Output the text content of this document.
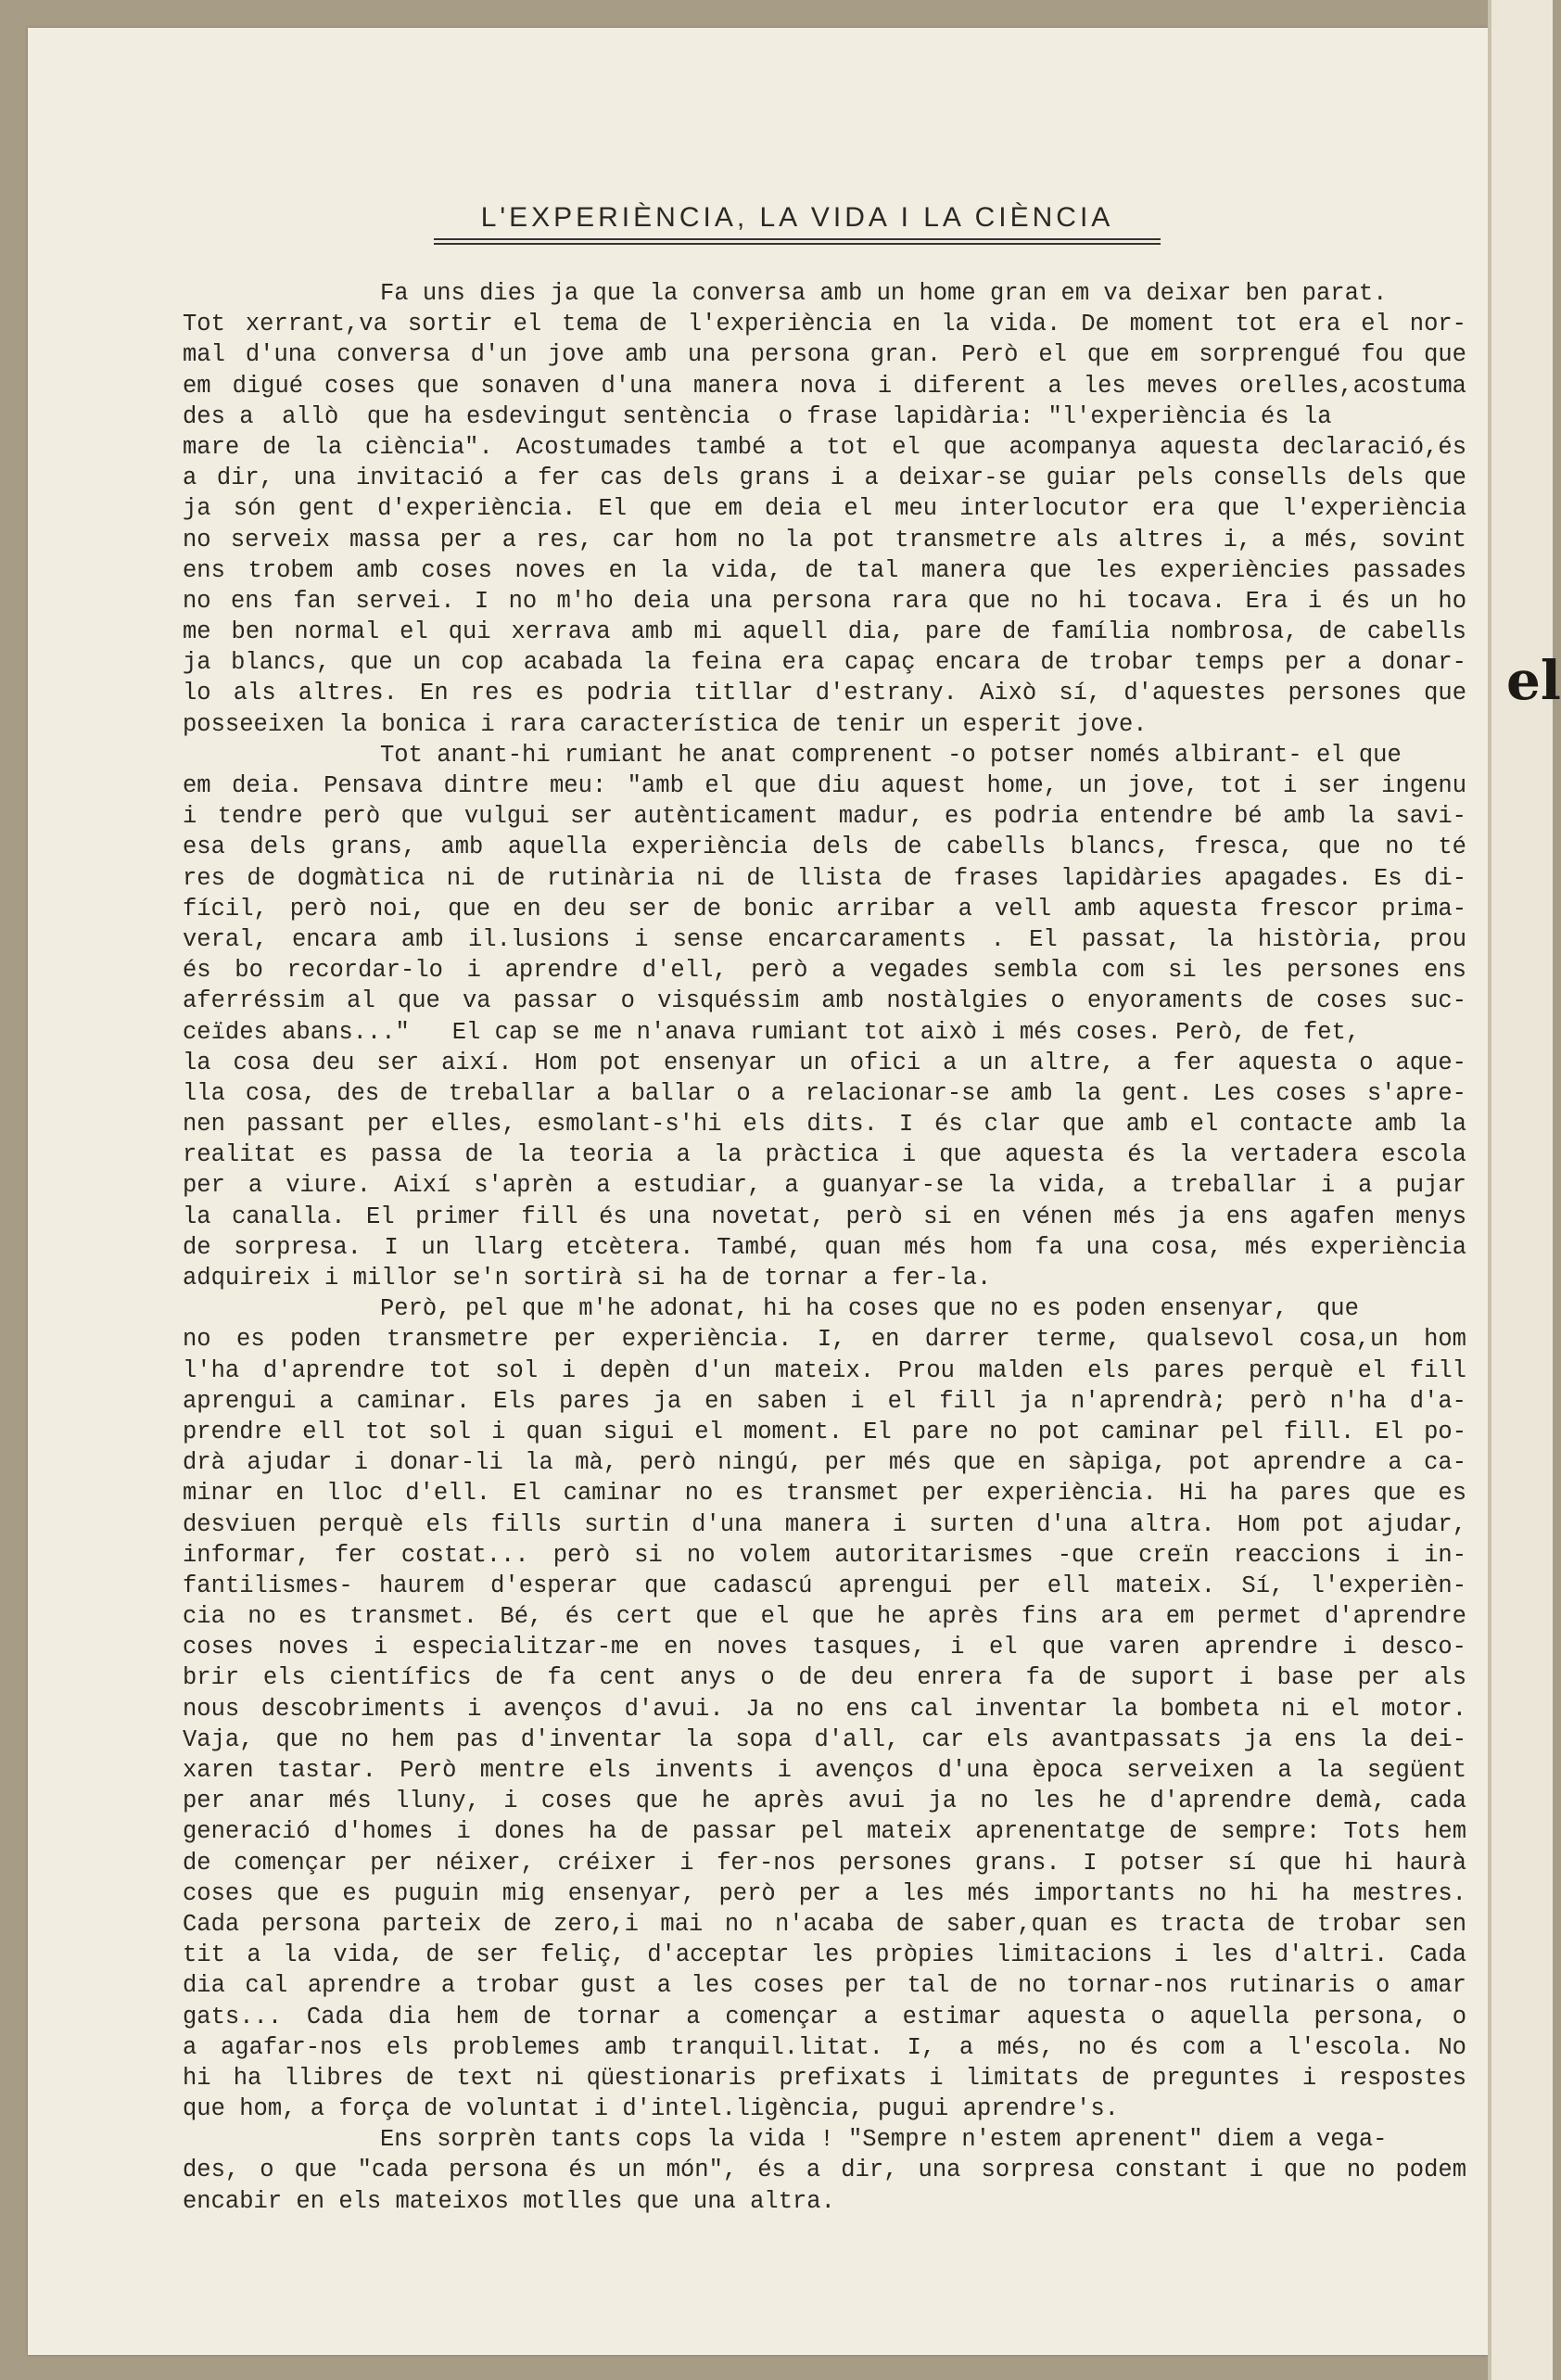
el
L'EXPERIÈNCIA, LA VIDA I LA CIÈNCIA
Fa uns dies ja que la conversa amb un home gran em va deixar ben parat.
Tot xerrant,va sortir el tema de l'experiència en la vida. De moment tot era el nor-
mal d'una conversa d'un jove amb una persona gran. Però el que em sorprengué fou que
em digué coses que sonaven d'una manera nova i diferent a les meves orelles,acostuma
des a  allò  que ha esdevingut sentència  o frase lapidària: "l'experiència és la
mare de la ciència". Acostumades també a tot el que acompanya aquesta declaració,és
a dir, una invitació a fer cas dels grans i a deixar-se guiar pels consells dels que
ja són gent d'experiència. El que em deia el meu interlocutor era que l'experiència
no serveix massa per a res, car hom no la pot transmetre als altres i, a més, sovint
ens trobem amb coses noves en la vida, de tal manera que les experiències passades
no ens fan servei. I no m'ho deia una persona rara que no hi tocava. Era i és un ho
me ben normal el qui xerrava amb mi aquell dia, pare de família nombrosa, de cabells
ja blancs, que un cop acabada la feina era capaç encara de trobar temps per a donar-
lo als altres. En res es podria titllar d'estrany. Això sí, d'aquestes persones que
posseeixen la bonica i rara característica de tenir un esperit jove.
Tot anant-hi rumiant he anat comprenent -o potser només albirant- el que
em deia. Pensava dintre meu: "amb el que diu aquest home, un jove, tot i ser ingenu
i tendre però que vulgui ser autènticament madur, es podria entendre bé amb la savi-
esa dels grans, amb aquella experiència dels de cabells blancs, fresca, que no té
res de dogmàtica ni de rutinària ni de llista de frases lapidàries apagades. Es di-
fícil, però noi, que en deu ser de bonic arribar a vell amb aquesta frescor prima-
veral, encara amb il.lusions i sense encarcaraments . El passat, la història, prou
és bo recordar-lo i aprendre d'ell, però a vegades sembla com si les persones ens
aferréssim al que va passar o visquéssim amb nostàlgies o enyoraments de coses suc-
ceïdes abans..."   El cap se me n'anava rumiant tot això i més coses. Però, de fet,
la cosa deu ser així. Hom pot ensenyar un ofici a un altre, a fer aquesta o aque-
lla cosa, des de treballar a ballar o a relacionar-se amb la gent. Les coses s'apre-
nen passant per elles, esmolant-s'hi els dits. I és clar que amb el contacte amb la
realitat es passa de la teoria a la pràctica i que aquesta és la vertadera escola
per a viure. Així s'aprèn a estudiar, a guanyar-se la vida, a treballar i a pujar
la canalla. El primer fill és una novetat, però si en vénen més ja ens agafen menys
de sorpresa. I un llarg etcètera. També, quan més hom fa una cosa, més experiència
adquireix i millor se'n sortirà si ha de tornar a fer-la.
Però, pel que m'he adonat, hi ha coses que no es poden ensenyar,  que
no es poden transmetre per experiència. I, en darrer terme, qualsevol cosa,un hom
l'ha d'aprendre tot sol i depèn d'un mateix. Prou malden els pares perquè el fill
aprengui a caminar. Els pares ja en saben i el fill ja n'aprendrà; però n'ha d'a-
prendre ell tot sol i quan sigui el moment. El pare no pot caminar pel fill. El po-
drà ajudar i donar-li la mà, però ningú, per més que en sàpiga, pot aprendre a ca-
minar en lloc d'ell. El caminar no es transmet per experiència. Hi ha pares que es
desviuen perquè els fills surtin d'una manera i surten d'una altra. Hom pot ajudar,
informar, fer costat... però si no volem autoritarismes -que creïn reaccions i in-
fantilismes- haurem d'esperar que cadascú aprengui per ell mateix. Sí, l'experièn-
cia no es transmet. Bé, és cert que el que he après fins ara em permet d'aprendre
coses noves i especialitzar-me en noves tasques, i el que varen aprendre i desco-
brir els científics de fa cent anys o de deu enrera fa de suport i base per als
nous descobriments i avenços d'avui. Ja no ens cal inventar la bombeta ni el motor.
Vaja, que no hem pas d'inventar la sopa d'all, car els avantpassats ja ens la dei-
xaren tastar. Però mentre els invents i avenços d'una època serveixen a la següent
per anar més lluny, i coses que he après avui ja no les he d'aprendre demà, cada
generació d'homes i dones ha de passar pel mateix aprenentatge de sempre: Tots hem
de començar per néixer, créixer i fer-nos persones grans. I potser sí que hi haurà
coses que es puguin mig ensenyar, però per a les més importants no hi ha mestres.
Cada persona parteix de zero,i mai no n'acaba de saber,quan es tracta de trobar sen
tit a la vida, de ser feliç, d'acceptar les pròpies limitacions i les d'altri. Cada
dia cal aprendre a trobar gust a les coses per tal de no tornar-nos rutinaris o amar
gats... Cada dia hem de tornar a començar a estimar aquesta o aquella persona, o
a agafar-nos els problemes amb tranquil.litat. I, a més, no és com a l'escola. No
hi ha llibres de text ni qüestionaris prefixats i limitats de preguntes i respostes
que hom, a força de voluntat i d'intel.ligència, pugui aprendre's.
Ens sorprèn tants cops la vida ! "Sempre n'estem aprenent" diem a vega-
des, o que "cada persona és un món", és a dir, una sorpresa constant i que no podem
encabir en els mateixos motlles que una altra.
